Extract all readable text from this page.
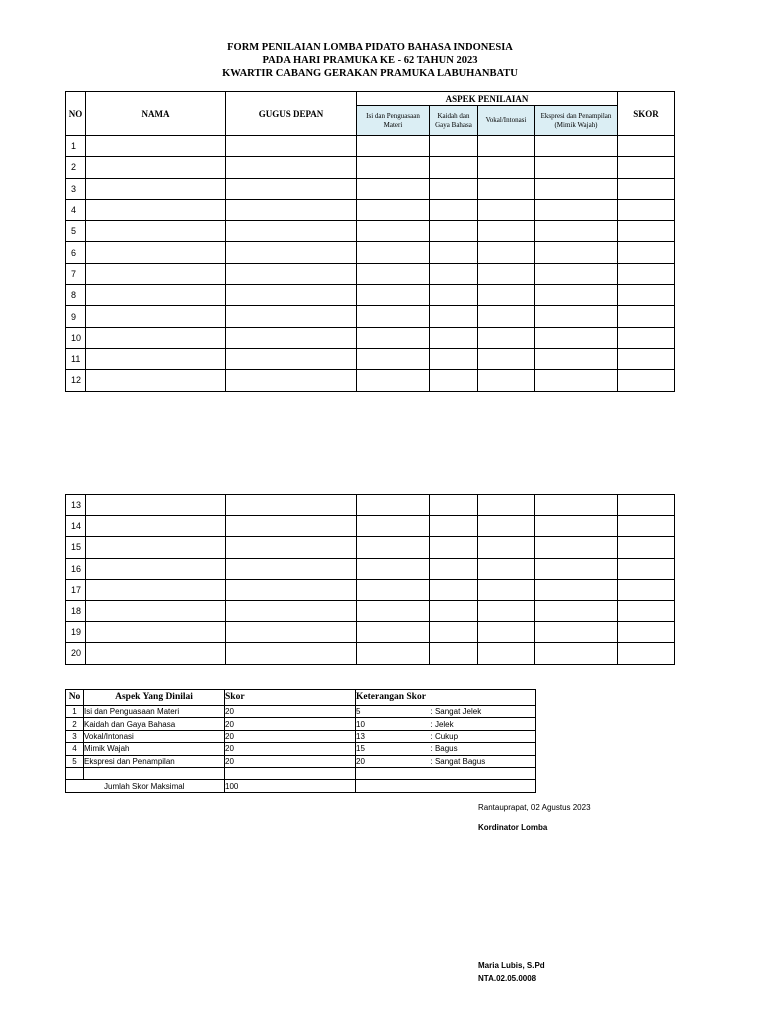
FORM PENILAIAN LOMBA PIDATO BAHASA INDONESIA
PADA HARI PRAMUKA KE - 62 TAHUN 2023
KWARTIR CABANG GERAKAN PRAMUKA LABUHANBATU
NO	NAMA	GUGUS DEPAN	ASPEK PENILAIAN				SKOR
			Isi dan Penguasaan Materi	Kaidah dan Gaya Bahasa	Vokal/Intonasi	Ekspresi dan Penampilan (Mimik Wajah)	
1							
2							
3							
4							
5							
6							
7							
8							
9							
10							
11							
12							
13							
14							
15							
16							
17							
18							
19							
20							
No	Aspek Yang Dinilai	Skor	Keterangan Skor	
1	Isi dan Penguasaan Materi	20	5	: Sangat Jelek
2	Kaidah dan Gaya Bahasa	20	10	: Jelek
3	Vokal/Intonasi	20	13	: Cukup
4	Mimik Wajah	20	15	: Bagus
5	Ekspresi dan Penampilan	20	20	: Sangat Bagus

Jumlah Skor Maksimal		100		
Rantauprapat, 02 Agustus 2023
Kordinator Lomba
Maria Lubis, S.Pd
NTA.02.05.0008
